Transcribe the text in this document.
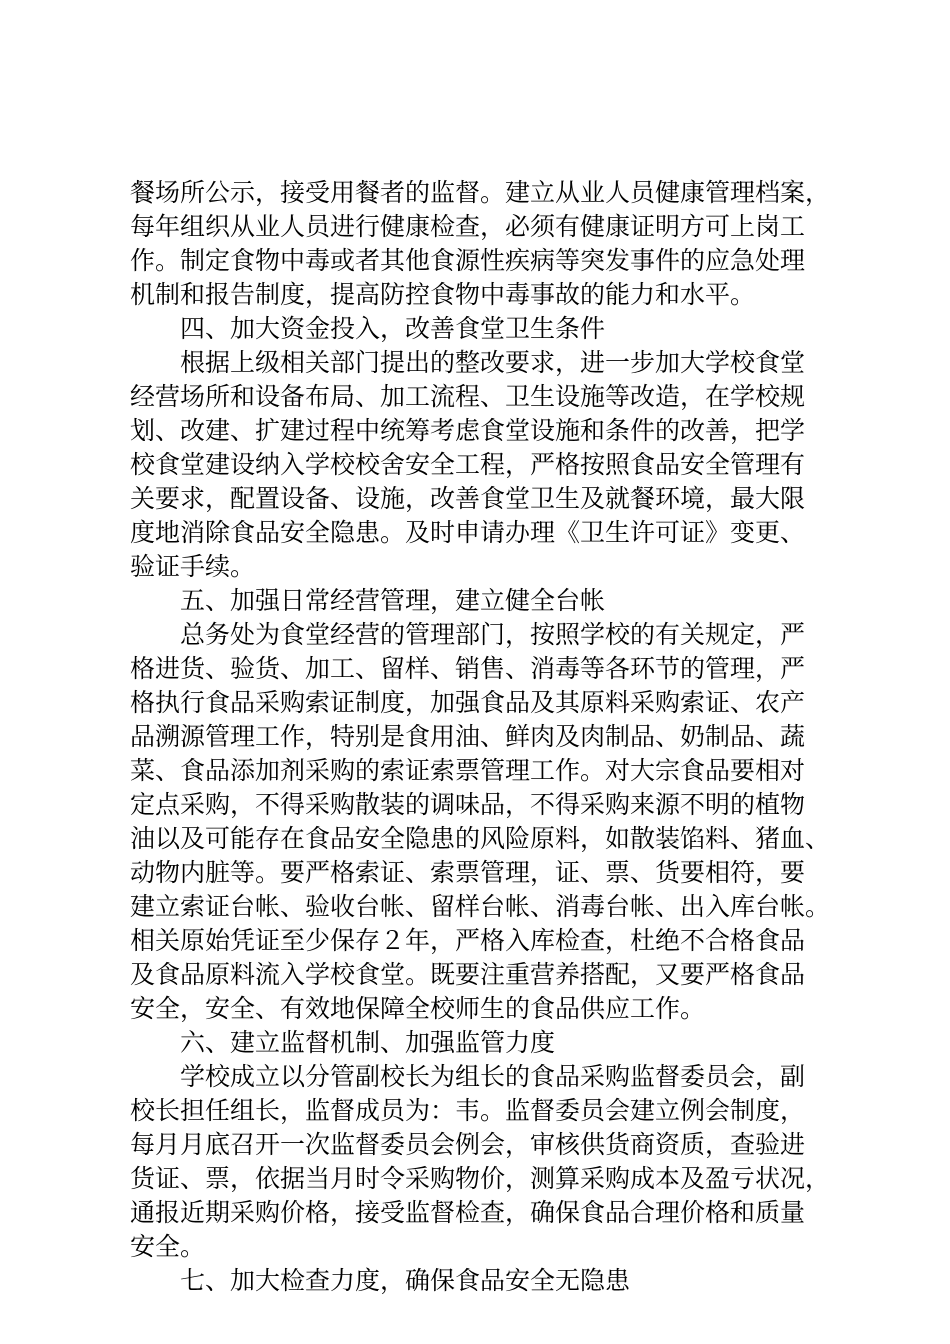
餐场所公示，接受用餐者的监督。建立从业人员健康管理档案，
每年组织从业人员进行健康检查，必须有健康证明方可上岗工
作。制定食物中毒或者其他食源性疾病等突发事件的应急处理
机制和报告制度，提高防控食物中毒事故的能力和水平。
四、加大资金投入，改善食堂卫生条件
根据上级相关部门提出的整改要求，进一步加大学校食堂
经营场所和设备布局、加工流程、卫生设施等改造，在学校规
划、改建、扩建过程中统筹考虑食堂设施和条件的改善，把学
校食堂建设纳入学校校舍安全工程，严格按照食品安全管理有
关要求，配置设备、设施，改善食堂卫生及就餐环境，最大限
度地消除食品安全隐患。及时申请办理《卫生许可证》变更、
验证手续。
五、加强日常经营管理，建立健全台帐
总务处为食堂经营的管理部门，按照学校的有关规定，严
格进货、验货、加工、留样、销售、消毒等各环节的管理，严
格执行食品采购索证制度，加强食品及其原料采购索证、农产
品溯源管理工作，特别是食用油、鲜肉及肉制品、奶制品、蔬
菜、食品添加剂采购的索证索票管理工作。对大宗食品要相对
定点采购，不得采购散装的调味品，不得采购来源不明的植物
油以及可能存在食品安全隐患的风险原料，如散装馅料、猪血、
动物内脏等。要严格索证、索票管理，证、票、货要相符，要
建立索证台帐、验收台帐、留样台帐、消毒台帐、出入库台帐。
相关原始凭证至少保存２年，严格入库检查，杜绝不合格食品
及食品原料流入学校食堂。既要注重营养搭配，又要严格食品
安全，安全、有效地保障全校师生的食品供应工作。
六、建立监督机制、加强监管力度
学校成立以分管副校长为组长的食品采购监督委员会，副
校长担任组长，监督成员为：韦。监督委员会建立例会制度，
每月月底召开一次监督委员会例会，审核供货商资质，查验进
货证、票，依据当月时令采购物价，测算采购成本及盈亏状况，
通报近期采购价格，接受监督检查，确保食品合理价格和质量
安全。
七、加大检查力度，确保食品安全无隐患
